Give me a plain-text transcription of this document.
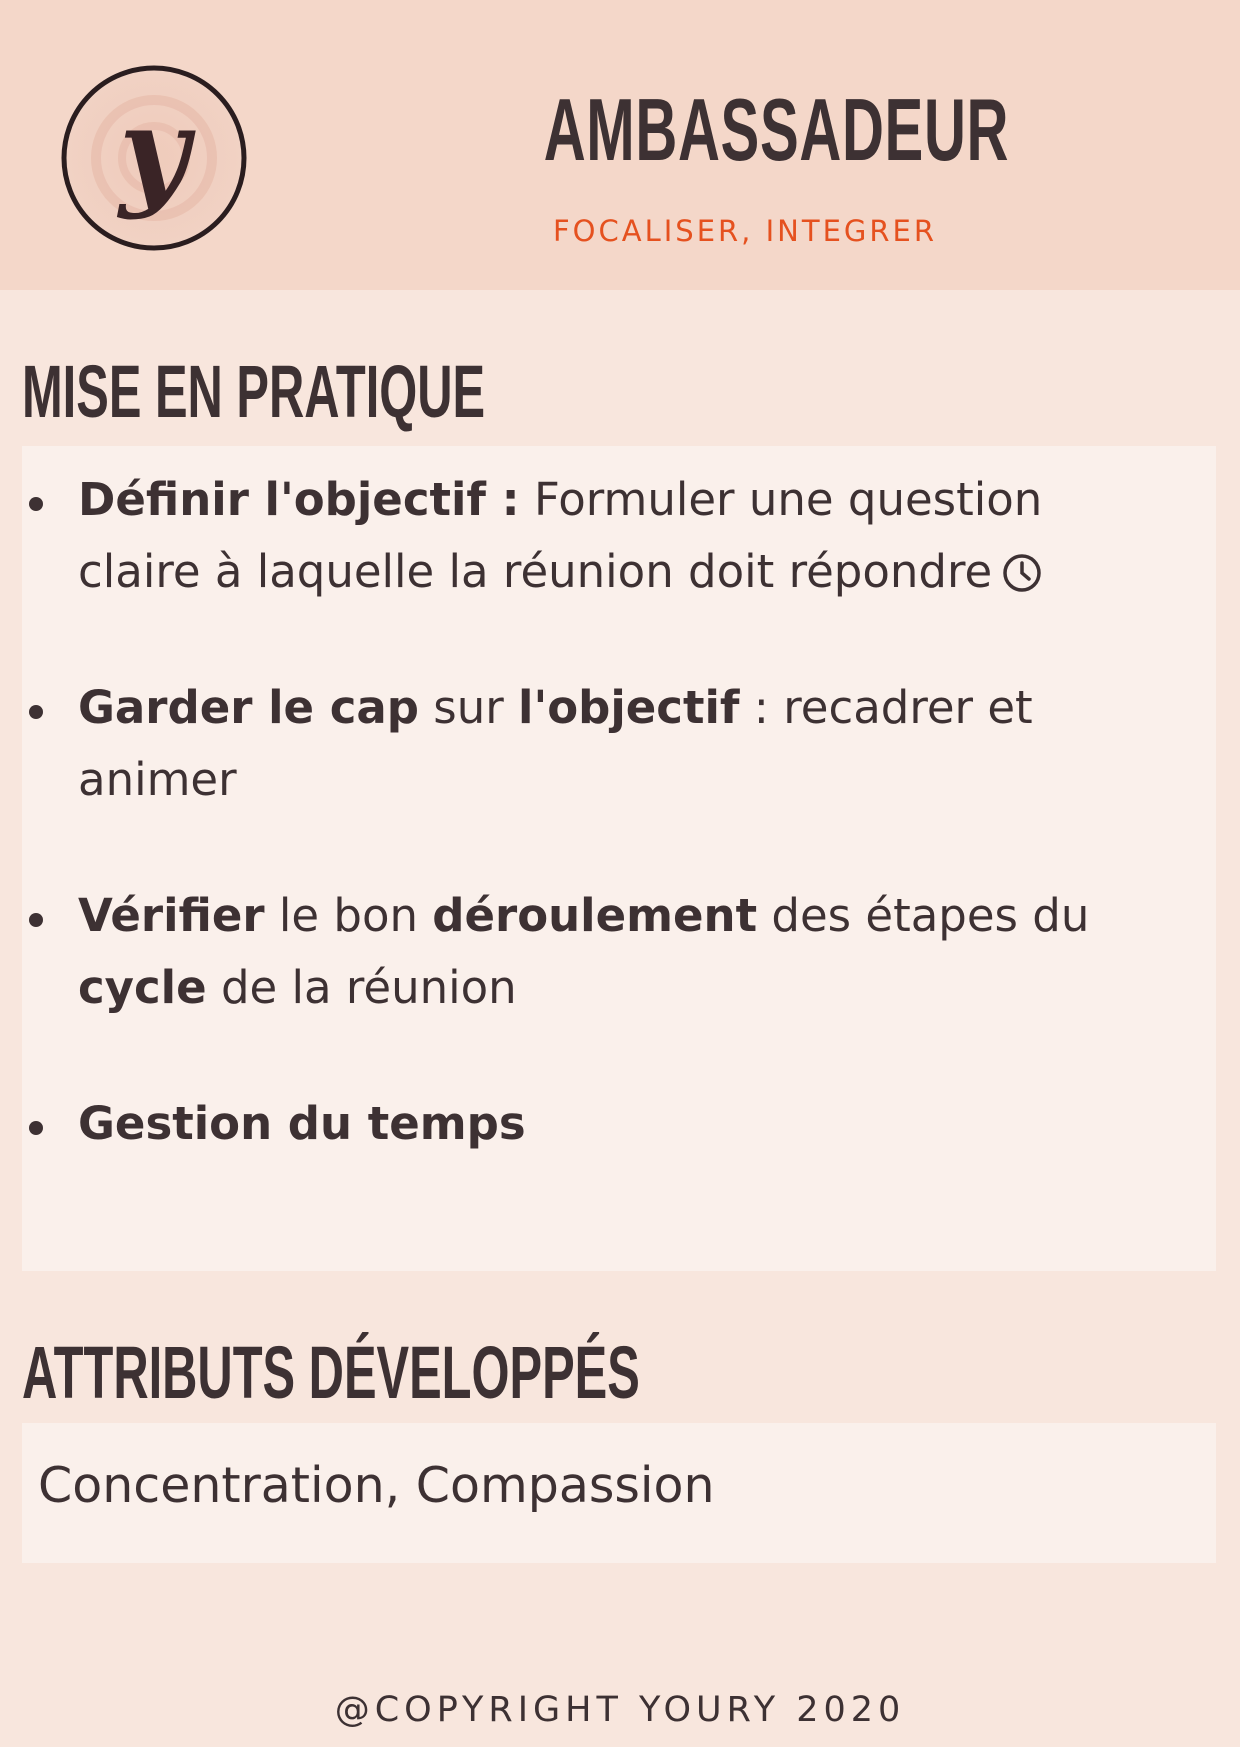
y	AMBASSADEUR
FOCALISER, INTEGRER
MISE EN PRATIQUE
Définir l'objectif : Formuler une question claire à laquelle la réunion doit répondre
Garder le cap sur l'objectif : recadrer et animer
Vérifier le bon déroulement des étapes du cycle de la réunion
Gestion du temps
ATTRIBUTS DÉVELOPPÉS
Concentration, Compassion
@COPYRIGHT YOURY 2020
